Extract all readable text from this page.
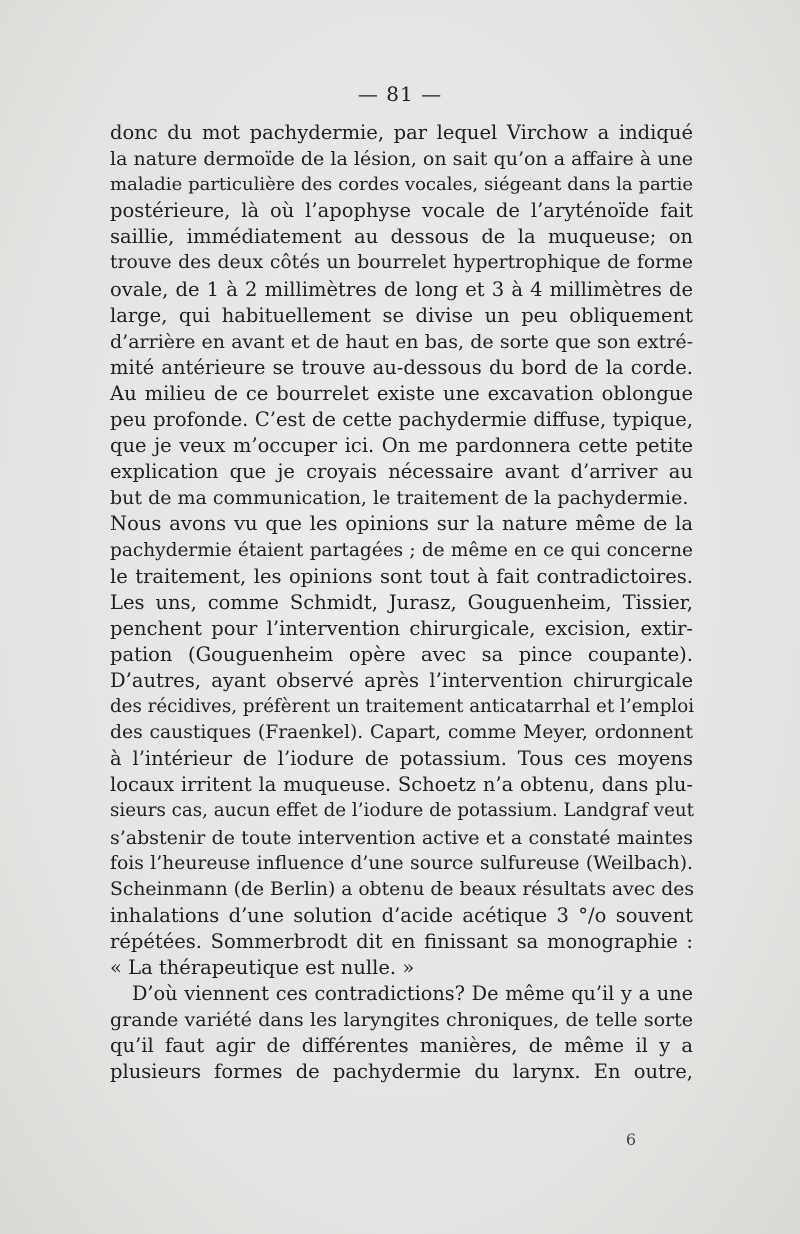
— 81 —
donc du mot pachydermie, par lequel Virchow a indiqué
la nature dermoïde de la lésion, on sait qu’on a affaire à une
maladie particulière des cordes vocales, siégeant dans la partie
postérieure, là où l’apophyse vocale de l’aryténoïde fait
saillie, immédiatement au dessous de la muqueuse; on
trouve des deux côtés un bourrelet hypertrophique de forme
ovale, de 1 à 2 millimètres de long et 3 à 4 millimètres de
large, qui habituellement se divise un peu obliquement
d’arrière en avant et de haut en bas, de sorte que son extré-
mité antérieure se trouve au-dessous du bord de la corde.
Au milieu de ce bourrelet existe une excavation oblongue
peu profonde. C’est de cette pachydermie diffuse, typique,
que je veux m’occuper ici. On me pardonnera cette petite
explication que je croyais nécessaire avant d’arriver au
but de ma communication, le traitement de la pachydermie.
Nous avons vu que les opinions sur la nature même de la
pachydermie étaient partagées ; de même en ce qui concerne
le traitement, les opinions sont tout à fait contradictoires.
Les uns, comme Schmidt, Jurasz, Gouguenheim, Tissier,
penchent pour l’intervention chirurgicale, excision, extir-
pation (Gouguenheim opère avec sa pince coupante).
D’autres, ayant observé après l’intervention chirurgicale
des récidives, préfèrent un traitement anticatarrhal et l’emploi
des caustiques (Fraenkel). Capart, comme Meyer, ordonnent
à l’intérieur de l’iodure de potassium. Tous ces moyens
locaux irritent la muqueuse. Schoetz n’a obtenu, dans plu-
sieurs cas, aucun effet de l’iodure de potassium. Landgraf veut
s’abstenir de toute intervention active et a constaté maintes
fois l’heureuse influence d’une source sulfureuse (Weilbach).
Scheinmann (de Berlin) a obtenu de beaux résultats avec des
inhalations d’une solution d’acide acétique 3 °/o souvent
répétées. Sommerbrodt dit en finissant sa monographie :
« La thérapeutique est nulle. »
D’où viennent ces contradictions? De même qu’il y a une
grande variété dans les laryngites chroniques, de telle sorte
qu’il faut agir de différentes manières, de même il y a
plusieurs formes de pachydermie du larynx. En outre,
6
